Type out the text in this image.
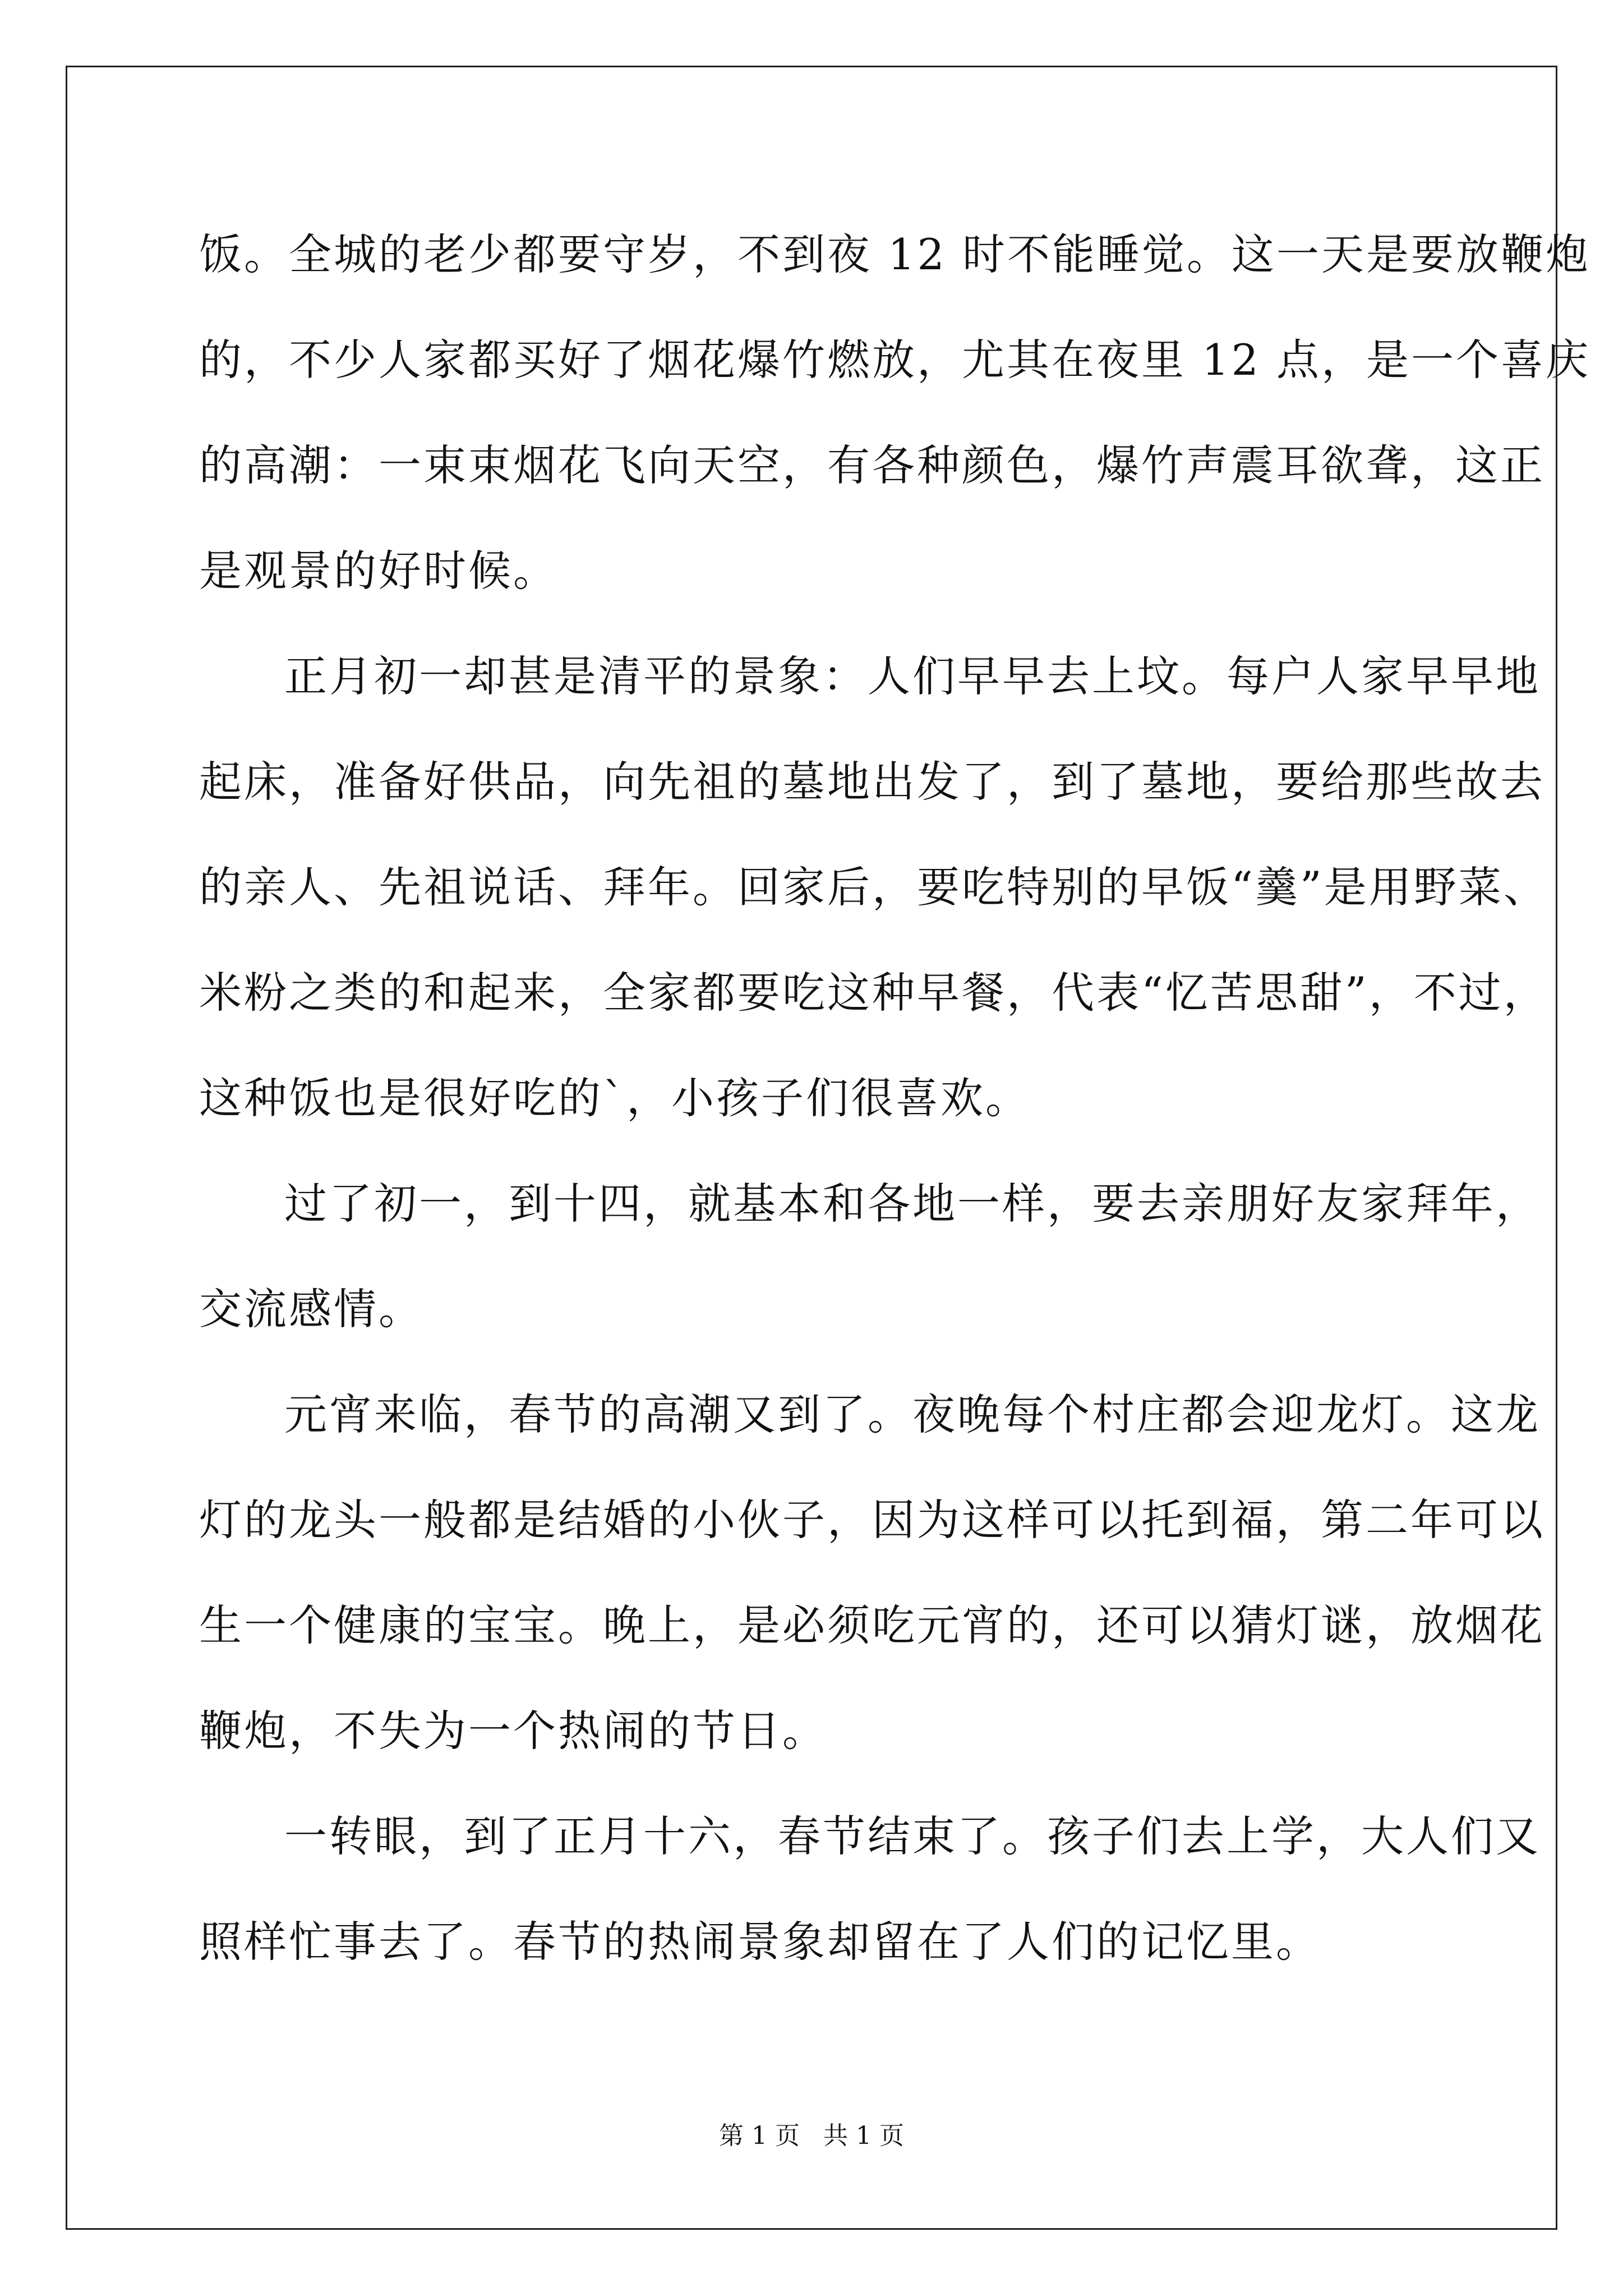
饭。全城的老少都要守岁，不到夜 12 时不能睡觉。这一天是要放鞭炮
的，不少人家都买好了烟花爆竹燃放，尤其在夜里 12 点，是一个喜庆
的高潮：一束束烟花飞向天空，有各种颜色，爆竹声震耳欲聋，这正
是观景的好时候。
正月初一却甚是清平的景象：人们早早去上坟。每户人家早早地
起床，准备好供品，向先祖的墓地出发了，到了墓地，要给那些故去
的亲人、先祖说话、拜年。回家后，要吃特别的早饭“羹”是用野菜、
米粉之类的和起来，全家都要吃这种早餐，代表“忆苦思甜”，不过，
这种饭也是很好吃的`，小孩子们很喜欢。
过了初一，到十四，就基本和各地一样，要去亲朋好友家拜年，
交流感情。
元宵来临，春节的高潮又到了。夜晚每个村庄都会迎龙灯。这龙
灯的龙头一般都是结婚的小伙子，因为这样可以托到福，第二年可以
生一个健康的宝宝。晚上，是必须吃元宵的，还可以猜灯谜，放烟花
鞭炮，不失为一个热闹的节日。
一转眼，到了正月十六，春节结束了。孩子们去上学，大人们又
照样忙事去了。春节的热闹景象却留在了人们的记忆里。
第 1 页 共 1 页
